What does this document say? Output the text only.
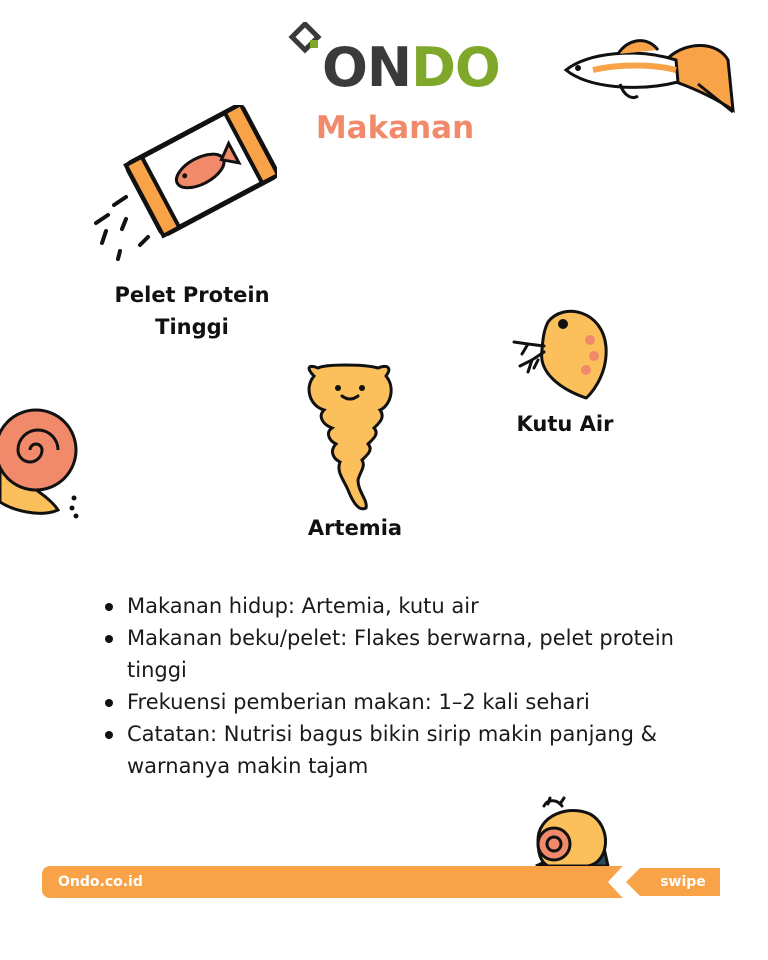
ONDO
Makanan
Pelet Protein
Tinggi
Kutu Air
Artemia
Makanan hidup: Artemia, kutu air
Makanan beku/pelet: Flakes berwarna, pelet protein tinggi
Frekuensi pemberian makan: 1–2 kali sehari
Catatan: Nutrisi bagus bikin sirip makin panjang & warnanya makin tajam
Ondo.co.id	swipe
